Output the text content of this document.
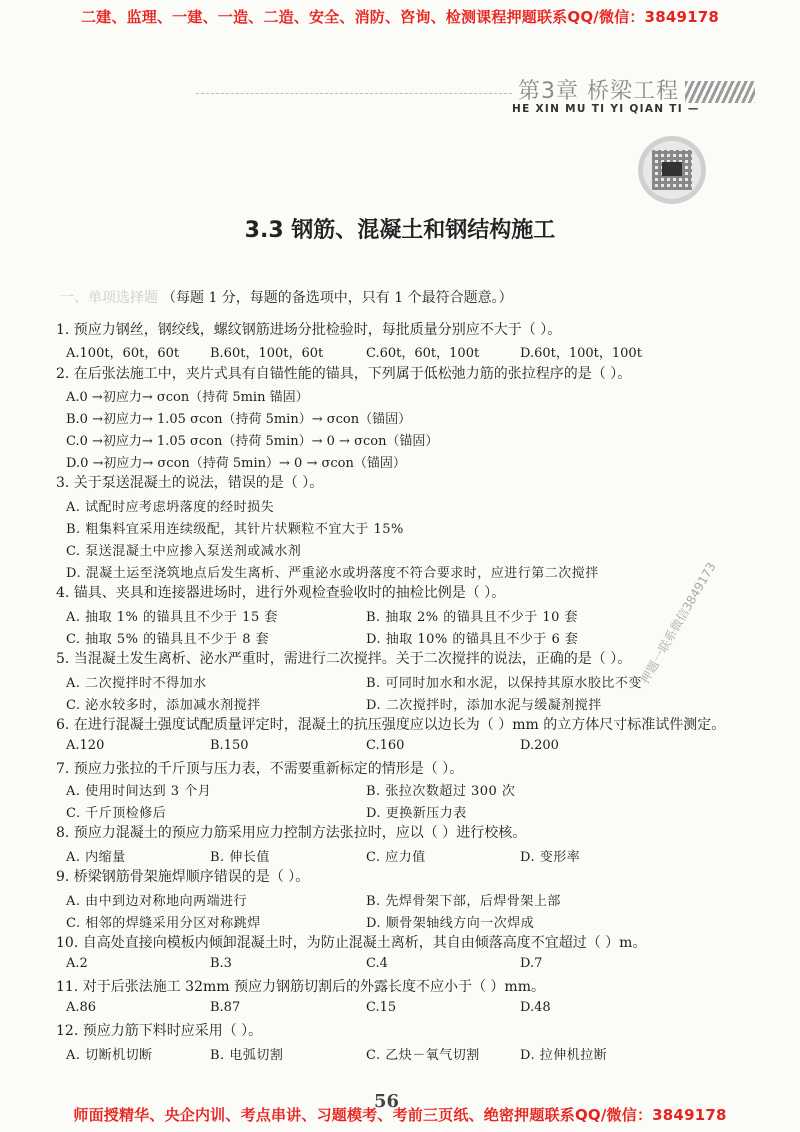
二建、监理、一建、一造、二造、安全、消防、咨询、检测课程押题联系QQ/微信：3849178
第3章 桥梁工程
HE XIN MU TI YI QIAN TI —
3.3 钢筋、混凝土和钢结构施工
一、单项选择题 （每题 1 分，每题的备选项中，只有 1 个最符合题意。）
1. 预应力钢丝，钢绞线，螺纹钢筋进场分批检验时，每批质量分别应不大于（ ）。
A.100t，60t，60t B.60t，100t，60t	C.60t，60t，100t	D.60t，100t，100t
2. 在后张法施工中，夹片式具有自锚性能的锚具，下列属于低松弛力筋的张拉程序的是（ ）。
A.0 →初应力→ σcon（持荷 5min 锚固）
B.0 →初应力→ 1.05 σcon（持荷 5min）→ σcon（锚固）
C.0 →初应力→ 1.05 σcon（持荷 5min）→ 0 → σcon（锚固）
D.0 →初应力→ σcon（持荷 5min）→ 0 → σcon（锚固）
3. 关于泵送混凝土的说法，错误的是（ ）。
A. 试配时应考虑坍落度的经时损失
B. 粗集料宜采用连续级配，其针片状颗粒不宜大于 15%
C. 泵送混凝土中应掺入泵送剂或减水剂
D. 混凝土运至浇筑地点后发生离析、严重泌水或坍落度不符合要求时，应进行第二次搅拌
4. 锚具、夹具和连接器进场时，进行外观检查验收时的抽检比例是（ ）。
A. 抽取 1% 的锚具且不少于 15 套	B. 抽取 2% 的锚具且不少于 10 套
C. 抽取 5% 的锚具且不少于 8 套	D. 抽取 10% 的锚具且不少于 6 套
5. 当混凝土发生离析、泌水严重时，需进行二次搅拌。关于二次搅拌的说法，正确的是（ ）。
A. 二次搅拌时不得加水	B. 可同时加水和水泥，以保持其原水胶比不变
C. 泌水较多时，添加减水剂搅拌	D. 二次搅拌时，添加水泥与缓凝剂搅拌
6. 在进行混凝土强度试配质量评定时，混凝土的抗压强度应以边长为（ ）mm 的立方体尺寸标准试件测定。
A.120	B.150	C.160	D.200
7. 预应力张拉的千斤顶与压力表，不需要重新标定的情形是（ ）。
A. 使用时间达到 3 个月	B. 张拉次数超过 300 次
C. 千斤顶检修后	D. 更换新压力表
8. 预应力混凝土的预应力筋采用应力控制方法张拉时，应以（ ）进行校核。
A. 内缩量	B. 伸长值	C. 应力值	D. 变形率
9. 桥梁钢筋骨架施焊顺序错误的是（ ）。
A. 由中到边对称地向两端进行	B. 先焊骨架下部，后焊骨架上部
C. 相邻的焊缝采用分区对称跳焊	D. 顺骨架轴线方向一次焊成
10. 自高处直接向模板内倾卸混凝土时，为防止混凝土离析，其自由倾落高度不宜超过（ ）m。
A.2	B.3	C.4	D.7
11. 对于后张法施工 32mm 预应力钢筋切割后的外露长度不应小于（ ）mm。
A.86	B.87	C.15	D.48
12. 预应力筋下料时应采用（ ）。
A. 切断机切断	B. 电弧切割	C. 乙炔－氧气切割	D. 拉伸机拉断
押题一联系微信3849173
56
师面授精华、央企内训、考点串讲、习题模考、考前三页纸、绝密押题联系QQ/微信：3849178
